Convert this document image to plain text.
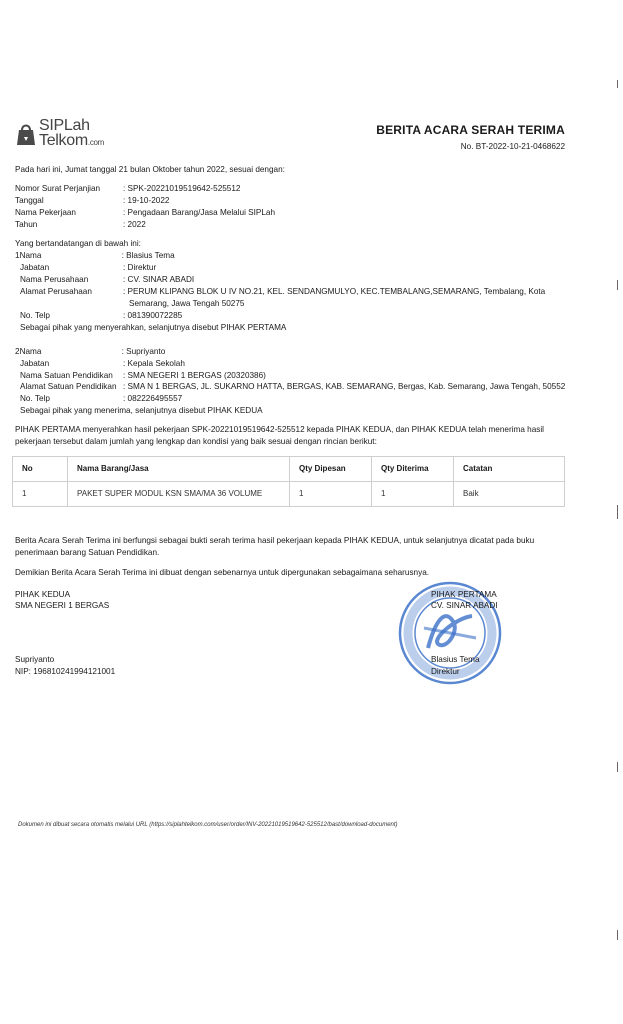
SIPLah
Telkom.com
BERITA ACARA SERAH TERIMA
No. BT-2022-10-21-0468622
Pada hari ini, Jumat tanggal 21 bulan Oktober tahun 2022, sesuai dengan:
Nomor Surat Perjanjian	: SPK-20221019519642-525512
Tanggal	: 19-10-2022
Nama Pekerjaan	: Pengadaan Barang/Jasa Melalui SIPLah
Tahun	: 2022
Yang bertandatangan di bawah ini:
1Nama	: Blasius Tema
Jabatan	: Direktur
Nama Perusahaan	: CV. SINAR ABADI
Alamat Perusahaan	: PERUM KLIPANG BLOK U IV NO.21, KEL. SENDANGMULYO, KEC.TEMBALANG,SEMARANG, Tembalang, Kota
Semarang, Jawa Tengah 50275
No. Telp	: 081390072285
Sebagai pihak yang menyerahkan, selanjutnya disebut PIHAK PERTAMA
2Nama	: Supriyanto
Jabatan	: Kepala Sekolah
Nama Satuan Pendidikan : SMA NEGERI 1 BERGAS (20320386)
Alamat Satuan Pendidikan : SMA N 1 BERGAS, JL. SUKARNO HATTA, BERGAS, KAB. SEMARANG, Bergas, Kab. Semarang, Jawa Tengah, 50552
No. Telp	: 082226495557
Sebagai pihak yang menerima, selanjutnya disebut PIHAK KEDUA
PIHAK PERTAMA menyerahkan hasil pekerjaan SPK-20221019519642-525512 kepada PIHAK KEDUA, dan PIHAK KEDUA telah menerima hasil
pekerjaan tersebut dalam jumlah yang lengkap dan kondisi yang baik sesuai dengan rincian berikut:
No	Nama Barang/Jasa	Qty Dipesan	Qty Diterima	Catatan
1	PAKET SUPER MODUL KSN SMA/MA 36 VOLUME	1	1	Baik
Berita Acara Serah Terima ini berfungsi sebagai bukti serah terima hasil pekerjaan kepada PIHAK KEDUA, untuk selanjutnya dicatat pada buku
penerimaan barang Satuan Pendidikan.
Demikian Berita Acara Serah Terima ini dibuat dengan sebenarnya untuk dipergunakan sebagaimana seharusnya.
PIHAK KEDUA
SMA NEGERI 1 BERGAS
Supriyanto
NIP: 196810241994121001
PIHAK PERTAMA
CV. SINAR ABADI
Blasius Tema
Direktur
Dokumen ini dibuat secara otomatis melalui URL (https://siplahtelkom.com/user/order/INV-20221019519642-525512/bast/download-document)
